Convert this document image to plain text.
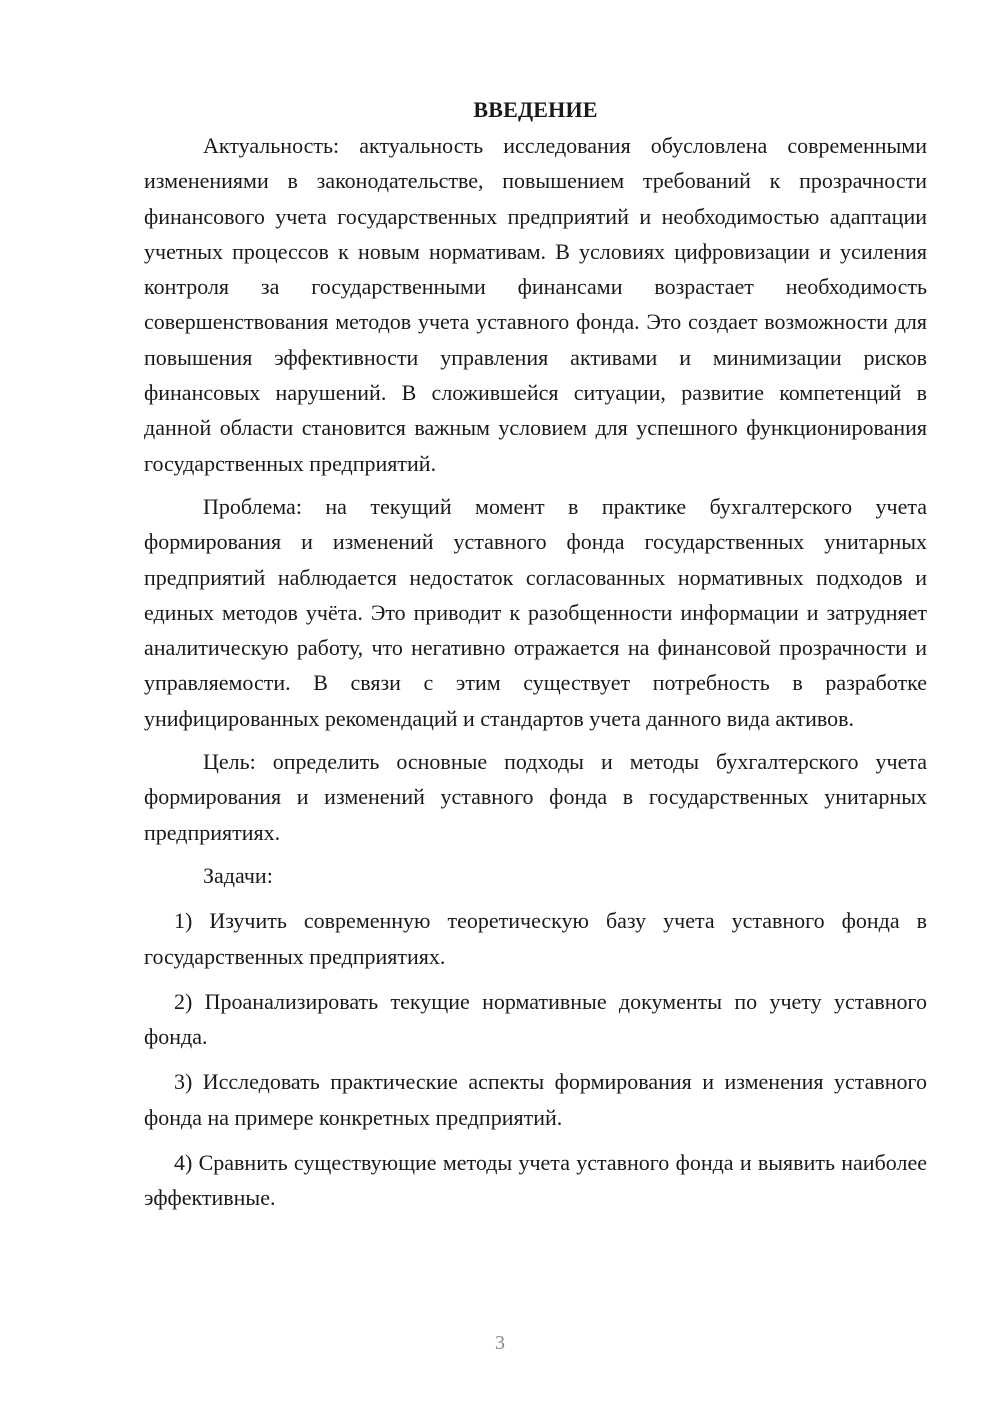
ВВЕДЕНИЕ

Актуальность: актуальность исследования обусловлена современными изменениями в законодательстве, повышением требований к прозрачности финансового учета государственных предприятий и необходимостью адаптации учетных процессов к новым нормативам. В условиях цифровизации и усиления контроля за государственными финансами возрастает необходимость совершенствования методов учета уставного фонда. Это создает возможности для повышения эффективности управления активами и минимизации рисков финансовых нарушений. В сложившейся ситуации, развитие компетенций в данной области становится важным условием для успешного функционирования государственных предприятий.

Проблема: на текущий момент в практике бухгалтерского учета формирования и изменений уставного фонда государственных унитарных предприятий наблюдается недостаток согласованных нормативных подходов и единых методов учёта. Это приводит к разобщенности информации и затрудняет аналитическую работу, что негативно отражается на финансовой прозрачности и управляемости. В связи с этим существует потребность в разработке унифицированных рекомендаций и стандартов учета данного вида активов.

Цель: определить основные подходы и методы бухгалтерского учета формирования и изменений уставного фонда в государственных унитарных предприятиях.

Задачи:

1) Изучить современную теоретическую базу учета уставного фонда в государственных предприятиях.

2) Проанализировать текущие нормативные документы по учету уставного фонда.

3) Исследовать практические аспекты формирования и изменения уставного фонда на примере конкретных предприятий.

4) Сравнить существующие методы учета уставного фонда и выявить наиболее эффективные.

3
